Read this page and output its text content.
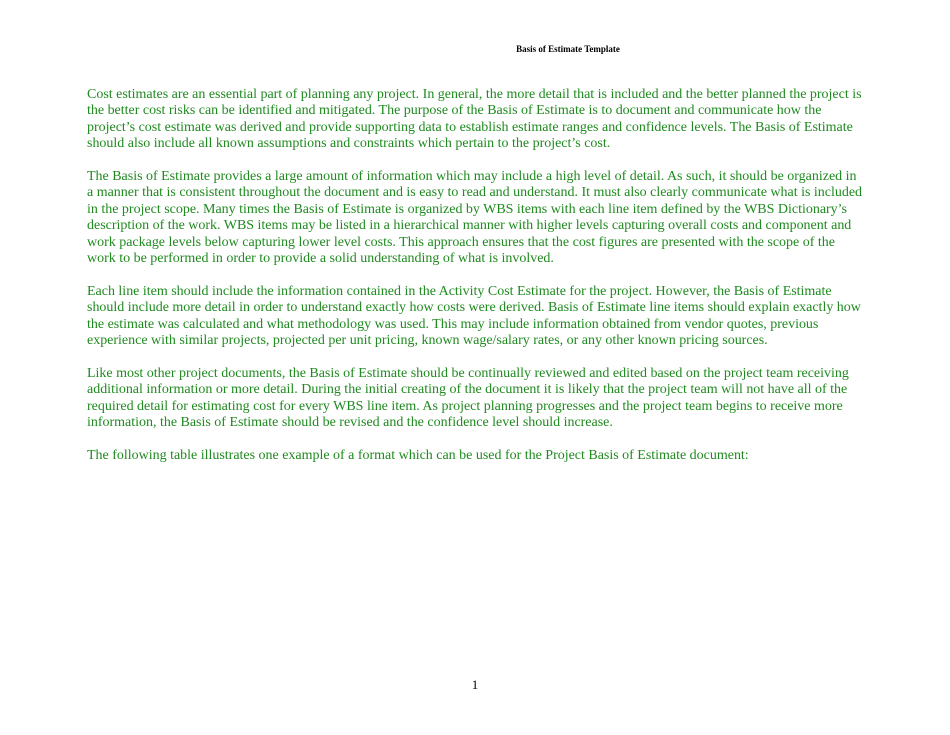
Basis of Estimate Template

Cost estimates are an essential part of planning any project. In general, the more detail that is included and the better planned the project is the better cost risks can be identified and mitigated. The purpose of the Basis of Estimate is to document and communicate how the project’s cost estimate was derived and provide supporting data to establish estimate ranges and confidence levels. The Basis of Estimate should also include all known assumptions and constraints which pertain to the project’s cost.

The Basis of Estimate provides a large amount of information which may include a high level of detail. As such, it should be organized in a manner that is consistent throughout the document and is easy to read and understand. It must also clearly communicate what is included in the project scope. Many times the Basis of Estimate is organized by WBS items with each line item defined by the WBS Dictionary’s description of the work. WBS items may be listed in a hierarchical manner with higher levels capturing overall costs and component and work package levels below capturing lower level costs. This approach ensures that the cost figures are presented with the scope of the work to be performed in order to provide a solid understanding of what is involved.

Each line item should include the information contained in the Activity Cost Estimate for the project. However, the Basis of Estimate should include more detail in order to understand exactly how costs were derived. Basis of Estimate line items should explain exactly how the estimate was calculated and what methodology was used. This may include information obtained from vendor quotes, previous experience with similar projects, projected per unit pricing, known wage/salary rates, or any other known pricing sources.

Like most other project documents, the Basis of Estimate should be continually reviewed and edited based on the project team receiving additional information or more detail. During the initial creating of the document it is likely that the project team will not have all of the required detail for estimating cost for every WBS line item. As project planning progresses and the project team begins to receive more information, the Basis of Estimate should be revised and the confidence level should increase.

The following table illustrates one example of a format which can be used for the Project Basis of Estimate document:

1
